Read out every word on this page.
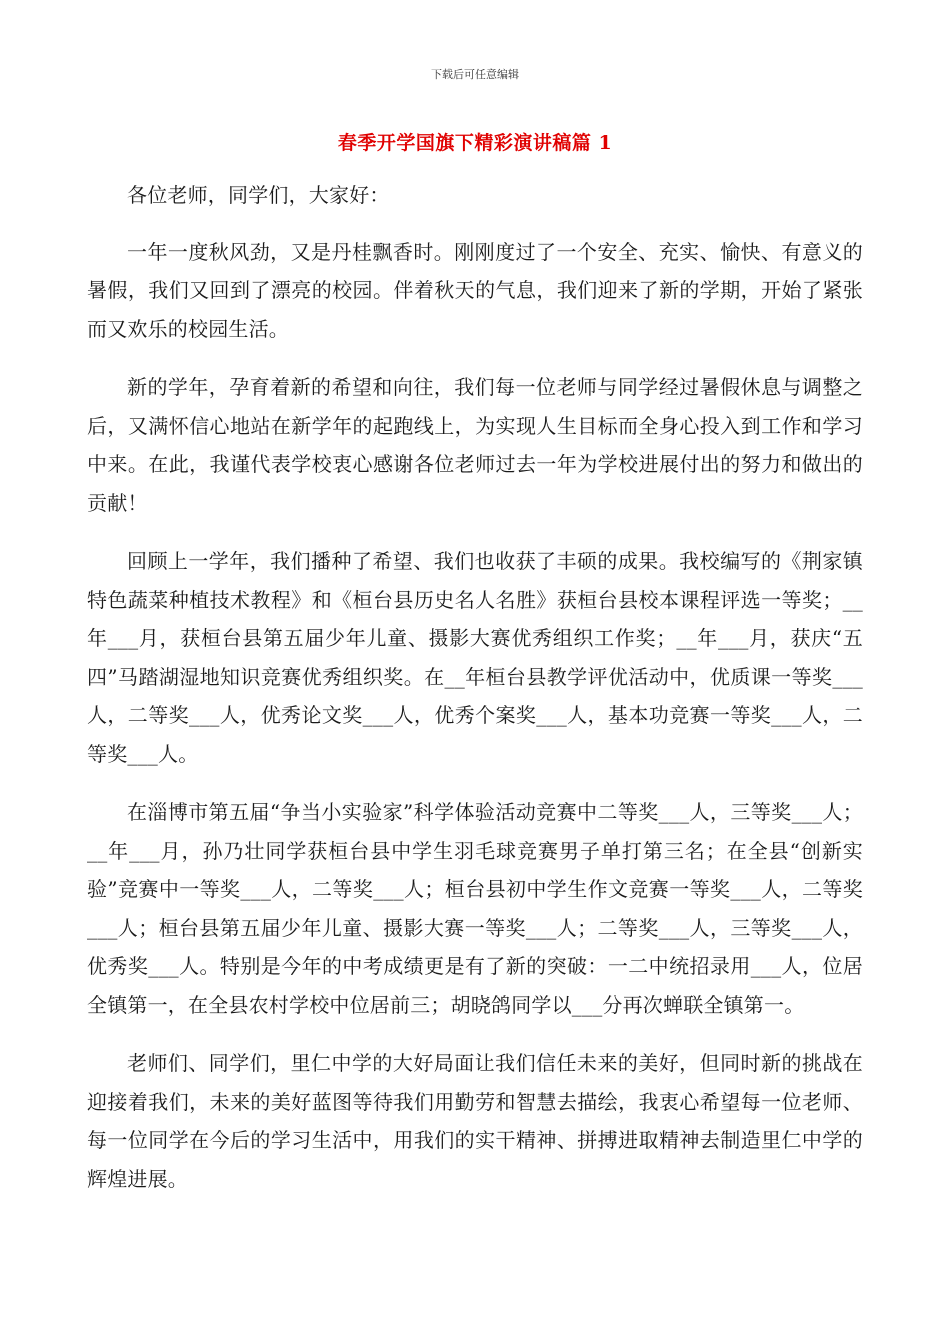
下载后可任意编辑
春季开学国旗下精彩演讲稿篇 1

各位老师，同学们，大家好：

一年一度秋风劲，又是丹桂飘香时。刚刚度过了一个安全、充实、愉快、有意义的暑假，我们又回到了漂亮的校园。伴着秋天的气息，我们迎来了新的学期，开始了紧张而又欢乐的校园生活。

新的学年，孕育着新的希望和向往，我们每一位老师与同学经过暑假休息与调整之后，又满怀信心地站在新学年的起跑线上，为实现人生目标而全身心投入到工作和学习中来。在此，我谨代表学校衷心感谢各位老师过去一年为学校进展付出的努力和做出的贡献！

回顾上一学年，我们播种了希望、我们也收获了丰硕的成果。我校编写的《荆家镇特色蔬菜种植技术教程》和《桓台县历史名人名胜》获桓台县校本课程评选一等奖；__年___月，获桓台县第五届少年儿童、摄影大赛优秀组织工作奖；__年___月，获庆“五四”马踏湖湿地知识竞赛优秀组织奖。在__年桓台县教学评优活动中，优质课一等奖___人，二等奖___人，优秀论文奖___人，优秀个案奖___人，基本功竞赛一等奖___人，二等奖___人。

在淄博市第五届“争当小实验家”科学体验活动竞赛中二等奖___人，三等奖___人；__年___月，孙乃壮同学获桓台县中学生羽毛球竞赛男子单打第三名；在全县“创新实验”竞赛中一等奖___人，二等奖___人；桓台县初中学生作文竞赛一等奖___人，二等奖___人；桓台县第五届少年儿童、摄影大赛一等奖___人；二等奖___人，三等奖___人，优秀奖___人。特别是今年的中考成绩更是有了新的突破：一二中统招录用___人，位居全镇第一，在全县农村学校中位居前三；胡晓鸽同学以___分再次蝉联全镇第一。

老师们、同学们，里仁中学的大好局面让我们信任未来的美好，但同时新的挑战在迎接着我们，未来的美好蓝图等待我们用勤劳和智慧去描绘，我衷心希望每一位老师、每一位同学在今后的学习生活中，用我们的实干精神、拼搏进取精神去制造里仁中学的辉煌进展。
